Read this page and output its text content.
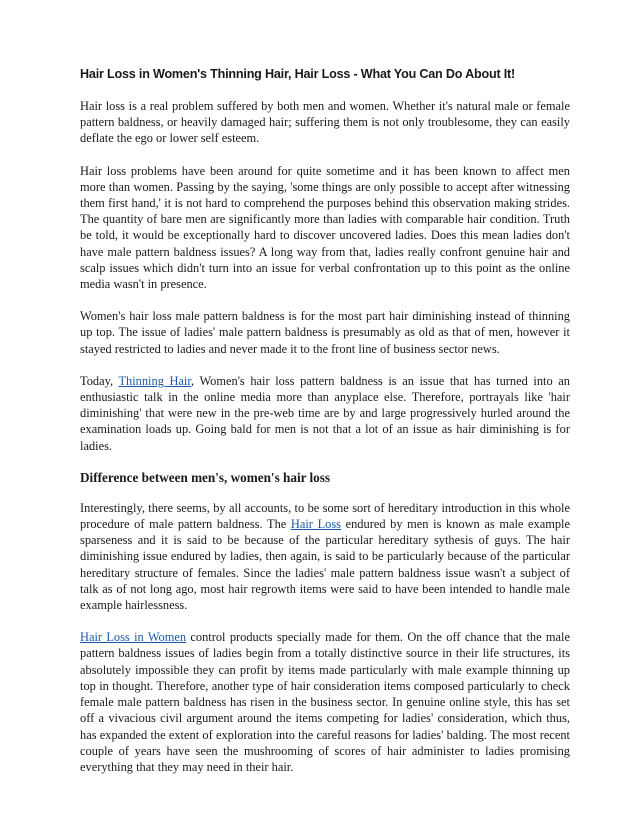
Hair Loss in Women's Thinning Hair, Hair Loss - What You Can Do About It!

Hair loss is a real problem suffered by both men and women. Whether it's natural male or female pattern baldness, or heavily damaged hair; suffering them is not only troublesome, they can easily deflate the ego or lower self esteem.

Hair loss problems have been around for quite sometime and it has been known to affect men more than women. Passing by the saying, 'some things are only possible to accept after witnessing them first hand,' it is not hard to comprehend the purposes behind this observation making strides. The quantity of bare men are significantly more than ladies with comparable hair condition. Truth be told, it would be exceptionally hard to discover uncovered ladies. Does this mean ladies don't have male pattern baldness issues? A long way from that, ladies really confront genuine hair and scalp issues which didn't turn into an issue for verbal confrontation up to this point as the online media wasn't in presence.

Women's hair loss male pattern baldness is for the most part hair diminishing instead of thinning up top. The issue of ladies' male pattern baldness is presumably as old as that of men, however it stayed restricted to ladies and never made it to the front line of business sector news.

Today, Thinning Hair, Women's hair loss pattern baldness is an issue that has turned into an enthusiastic talk in the online media more than anyplace else. Therefore, portrayals like 'hair diminishing' that were new in the pre-web time are by and large progressively hurled around the examination loads up. Going bald for men is not that a lot of an issue as hair diminishing is for ladies.

Difference between men's, women's hair loss

Interestingly, there seems, by all accounts, to be some sort of hereditary introduction in this whole procedure of male pattern baldness. The Hair Loss endured by men is known as male example sparseness and it is said to be because of the particular hereditary sythesis of guys. The hair diminishing issue endured by ladies, then again, is said to be particularly because of the particular hereditary structure of females. Since the ladies' male pattern baldness issue wasn't a subject of talk as of not long ago, most hair regrowth items were said to have been intended to handle male example hairlessness.

Hair Loss in Women control products specially made for them. On the off chance that the male pattern baldness issues of ladies begin from a totally distinctive source in their life structures, its absolutely impossible they can profit by items made particularly with male example thinning up top in thought. Therefore, another type of hair consideration items composed particularly to check female male pattern baldness has risen in the business sector. In genuine online style, this has set off a vivacious civil argument around the items competing for ladies' consideration, which thus, has expanded the extent of exploration into the careful reasons for ladies' balding. The most recent couple of years have seen the mushrooming of scores of hair administer to ladies promising everything that they may need in their hair.
